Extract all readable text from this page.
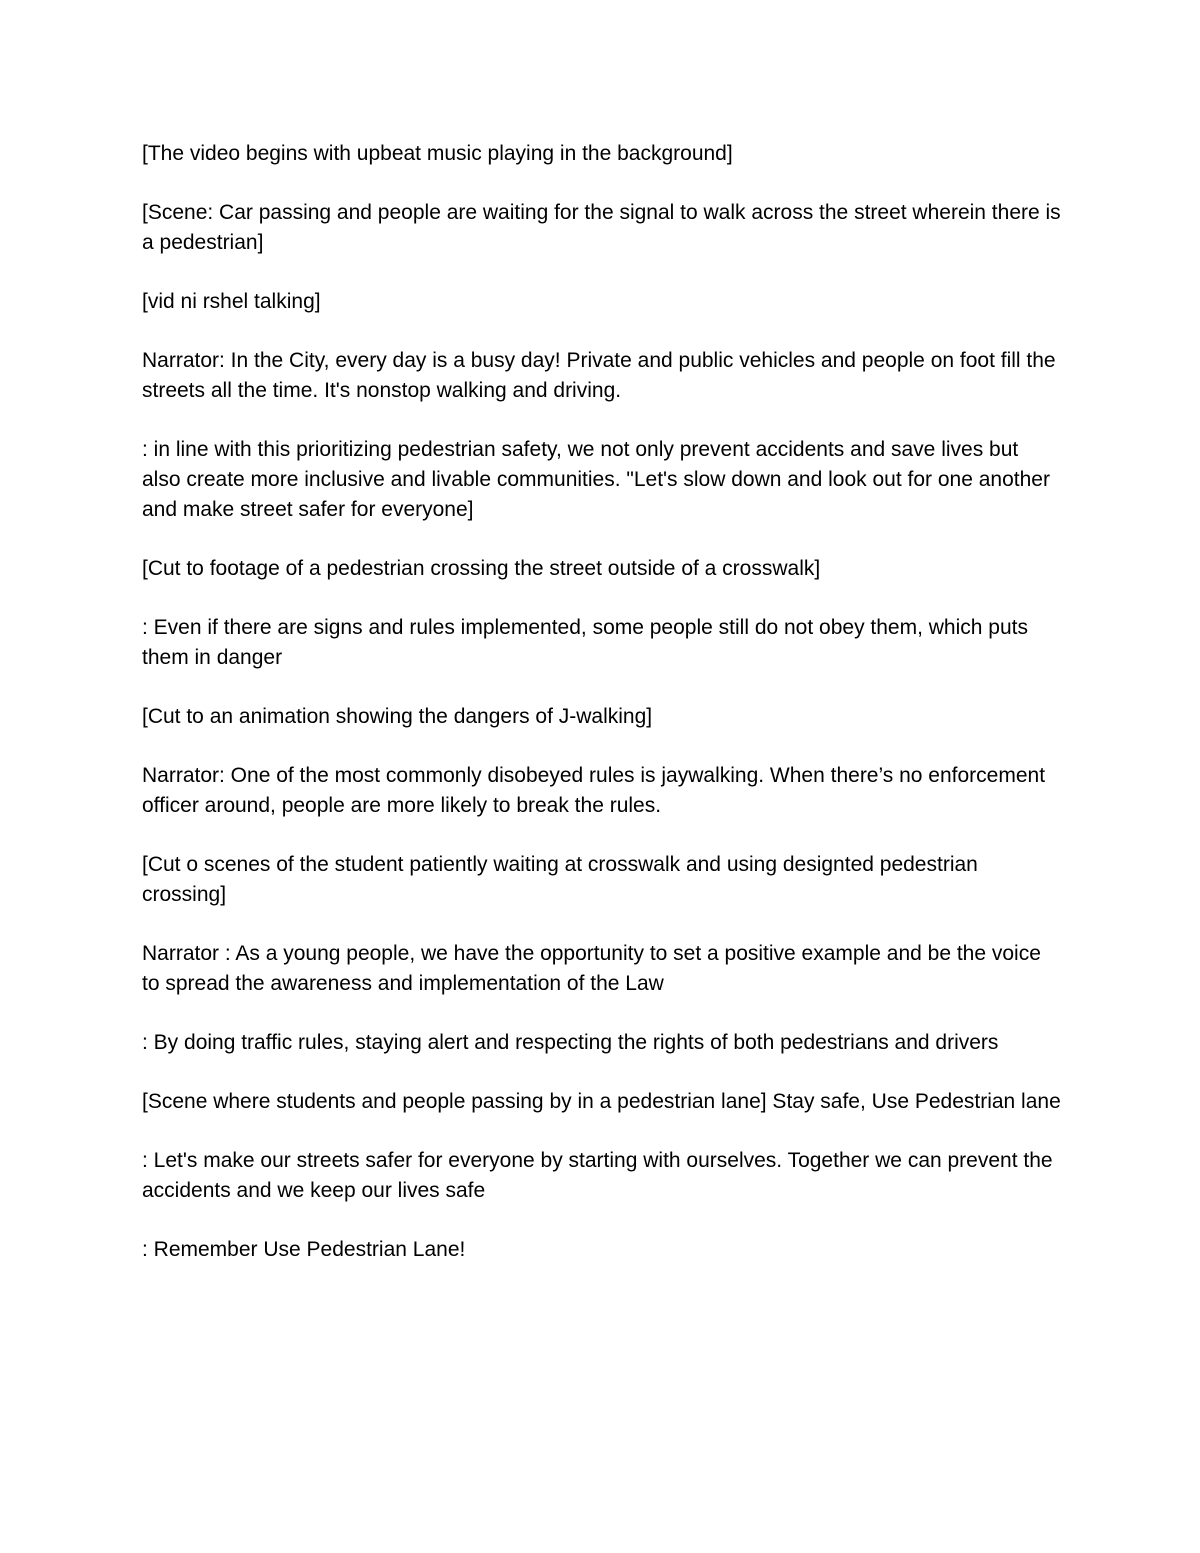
[The video begins with upbeat music playing in the background]

[Scene: Car passing and people are waiting for the signal to walk across the street wherein there is a pedestrian]

[vid ni rshel talking]

Narrator: In the City, every day is a busy day! Private and public vehicles and people on foot fill the streets all the time. It's nonstop walking and driving.

: in line with this prioritizing pedestrian safety, we not only prevent accidents and save lives but also create more inclusive and livable communities. "Let's slow down and look out for one another and make street safer for everyone]

[Cut to footage of a pedestrian crossing the street outside of a crosswalk]

: Even if there are signs and rules implemented, some people still do not obey them, which puts them in danger

[Cut to an animation showing the dangers of J-walking]

Narrator: One of the most commonly disobeyed rules is jaywalking. When there’s no enforcement officer around, people are more likely to break the rules.

[Cut o scenes of the student patiently waiting at crosswalk and using designted pedestrian crossing]

Narrator : As a young people, we have the opportunity to set a positive example and be the voice to spread the awareness and implementation of the Law

: By doing traffic rules, staying alert and respecting the rights of both pedestrians and drivers

[Scene where students and people passing by in a pedestrian lane] Stay safe, Use Pedestrian lane

: Let's make our streets safer for everyone by starting with ourselves. Together we can prevent the accidents and we keep our lives safe

: Remember Use Pedestrian Lane!
